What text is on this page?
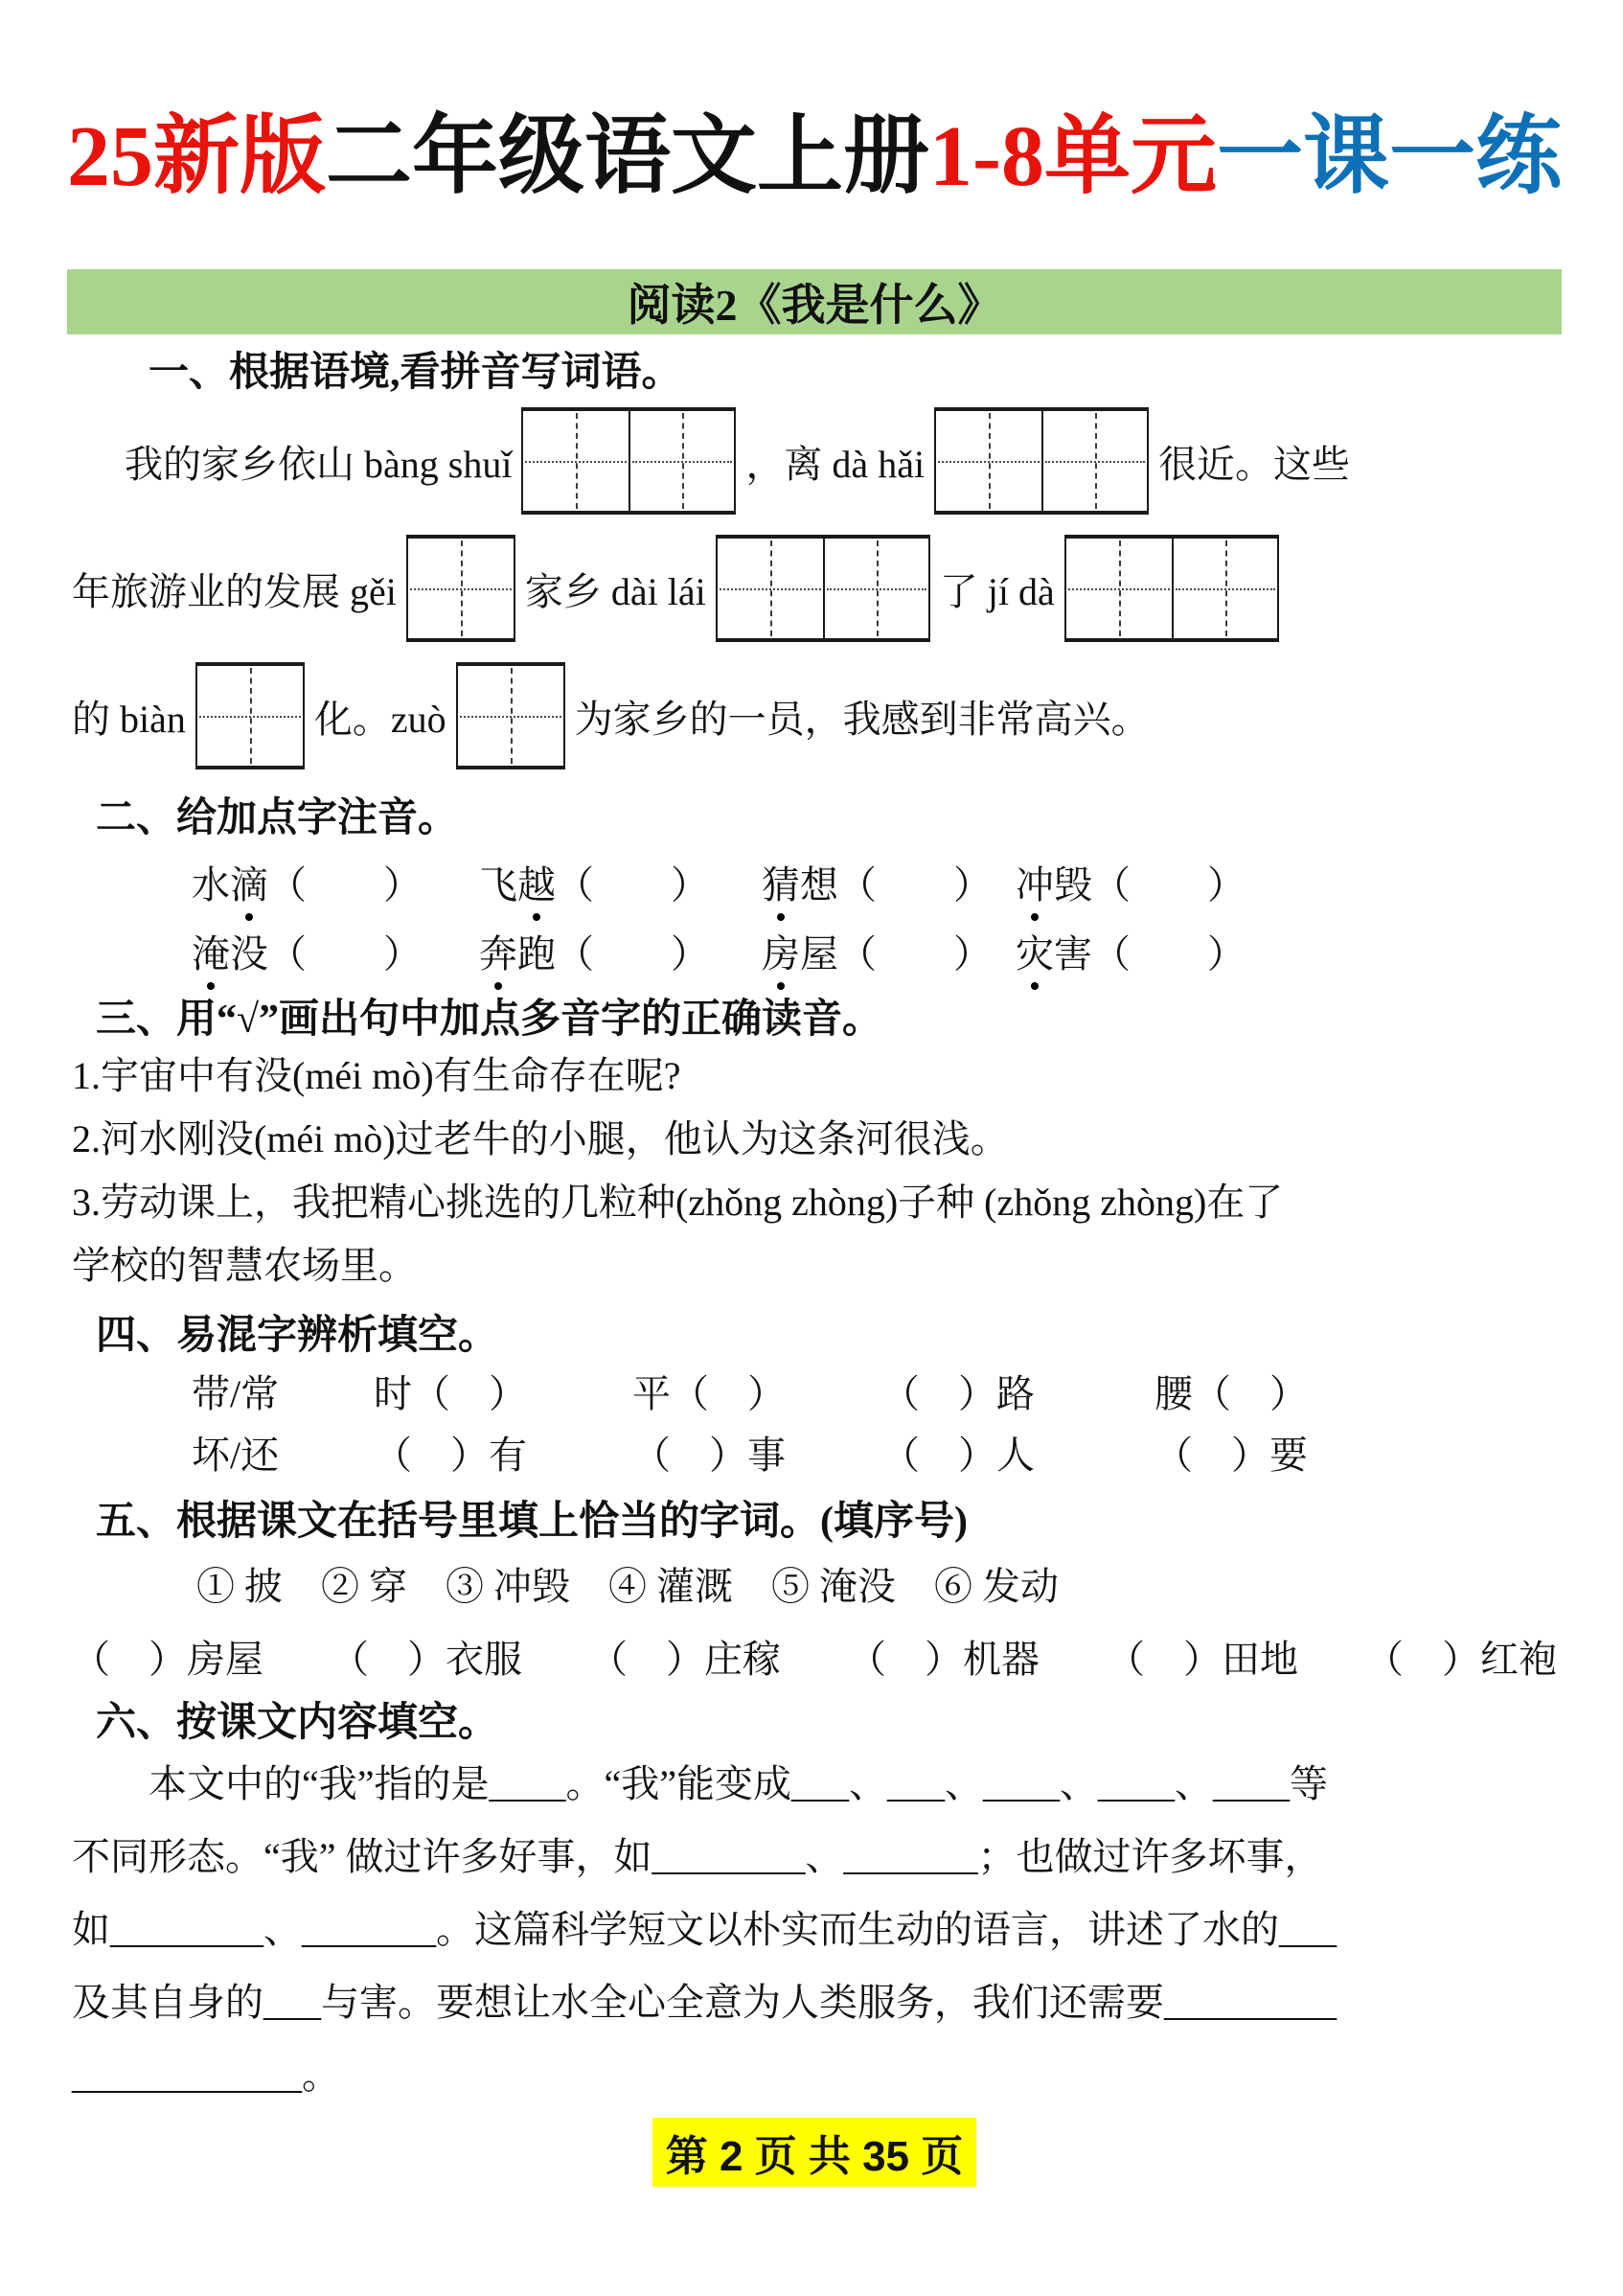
25新版二年级语文上册1-8单元一课一练
阅读2《我是什么》
一、根据语境,看拼音写词语。
我的家乡依山 bàng shuǐ	，离 dà hǎi	很近。这些
年旅游业的发展 gěi	家乡 dài lái	了 jí dà
的 biàn	化。zuò	为家乡的一员，我感到非常高兴。
二、给加点字注音。
水滴（　　）	飞越（　　）	猜想（　　） 冲毁（　　）
淹没（　　）	奔跑（　　）	房屋（　　） 灾害（　　）
三、用“√”画出句中加点多音字的正确读音。
1.宇宙中有没(méi mò)有生命存在呢?
2.河水刚没(méi mò)过老牛的小腿，他认为这条河很浅。
3.劳动课上，我把精心挑选的几粒种(zhǒng zhòng)子种 (zhǒng zhòng)在了
学校的智慧农场里。
四、易混字辨析填空。
带/常	时（　）	平（　）	（　）路	腰（　）
坏/还	（　）有	（　）事	（　）人	（　）要
五、根据课文在括号里填上恰当的字词。(填序号)
① 披　② 穿　③ 冲毁　④ 灌溉　⑤ 淹没　⑥ 发动
（　）房屋 （　）衣服 （　）庄稼 （　）机器 （　）田地 （　）红袍
六、按课文内容填空。
　　本文中的“我”指的是____。“我”能变成___、___、____、____、____等
不同形态。“我” 做过许多好事，如________、_______；也做过许多坏事，
如________、_______。这篇科学短文以朴实而生动的语言，讲述了水的___
及其自身的___与害。要想让水全心全意为人类服务，我们还需要_________
____________。
第 2 页 共 35 页
